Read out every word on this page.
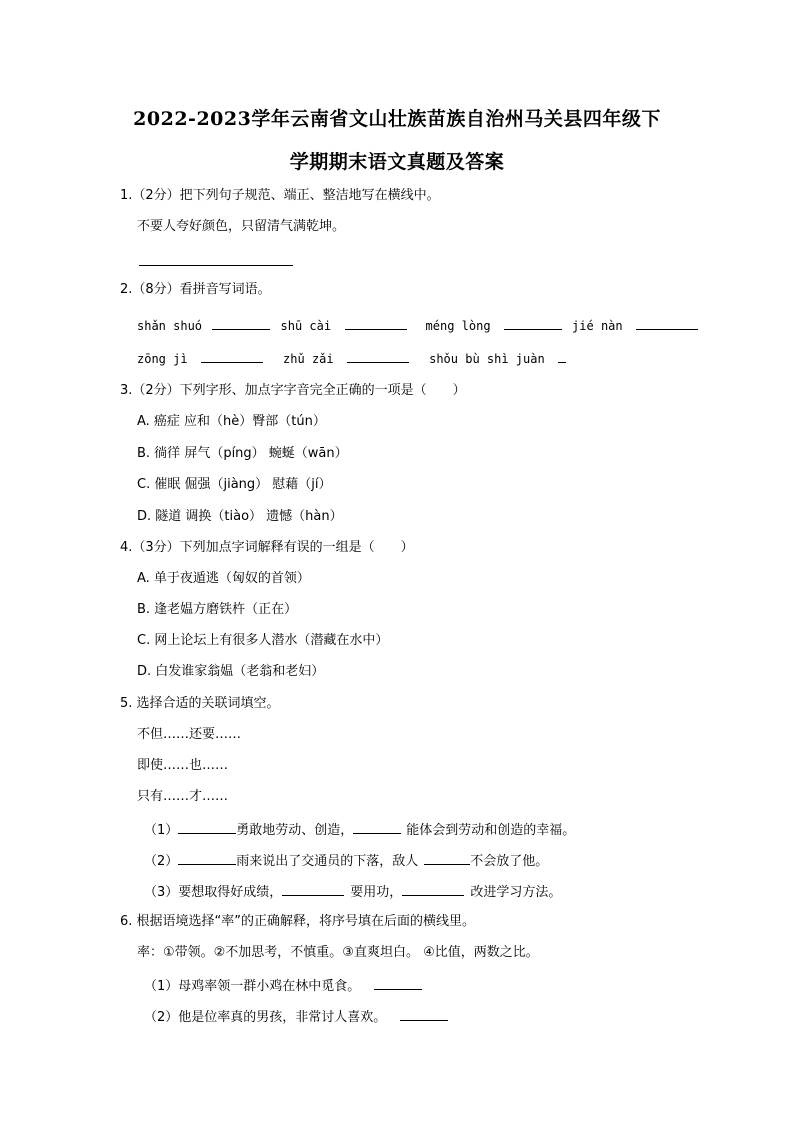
2022-2023学年云南省文山壮族苗族自治州马关县四年级下
学期期末语文真题及答案
1.（2分）把下列句子规范、端正、整洁地写在横线中。
不要人夸好颜色，只留清气满乾坤。
2.（8分）看拼音写词语。
shǎn shuó	shū cài	méng lòng	jié nàn
zōng jì	zhǔ zǎi	shǒu bù shì juàn
3.（2分）下列字形、加点字字音完全正确的一项是（　　）
A. 癌症 应和（hè）臀部（tún）
B. 徜徉 屏气（píng） 蜿蜒（wān）
C. 催眠 倔强（jiàng） 慰藉（jí）
D. 隧道 调换（tiào） 遗憾（hàn）
4.（3分）下列加点字词解释有误的一组是（　　）
A. 单于夜遁逃（匈奴的首领）
B. 逢老媪方磨铁杵（正在）
C. 网上论坛上有很多人潜水（潜藏在水中）
D. 白发谁家翁媪（老翁和老妇）
5. 选择合适的关联词填空。
不但……还要……
即使……也……
只有……才……
（1）	勇敢地劳动、创造，	能体会到劳动和创造的幸福。
（2）	雨来说出了交通员的下落，敌人	不会放了他。
（3）要想取得好成绩，	要用功，	改进学习方法。
6. 根据语境选择“率”的正确解释，将序号填在后面的横线里。
率：①带领。②不加思考，不慎重。③直爽坦白。 ④比值，两数之比。
（1）母鸡率领一群小鸡在林中觅食。
（2）他是位率真的男孩，非常讨人喜欢。
